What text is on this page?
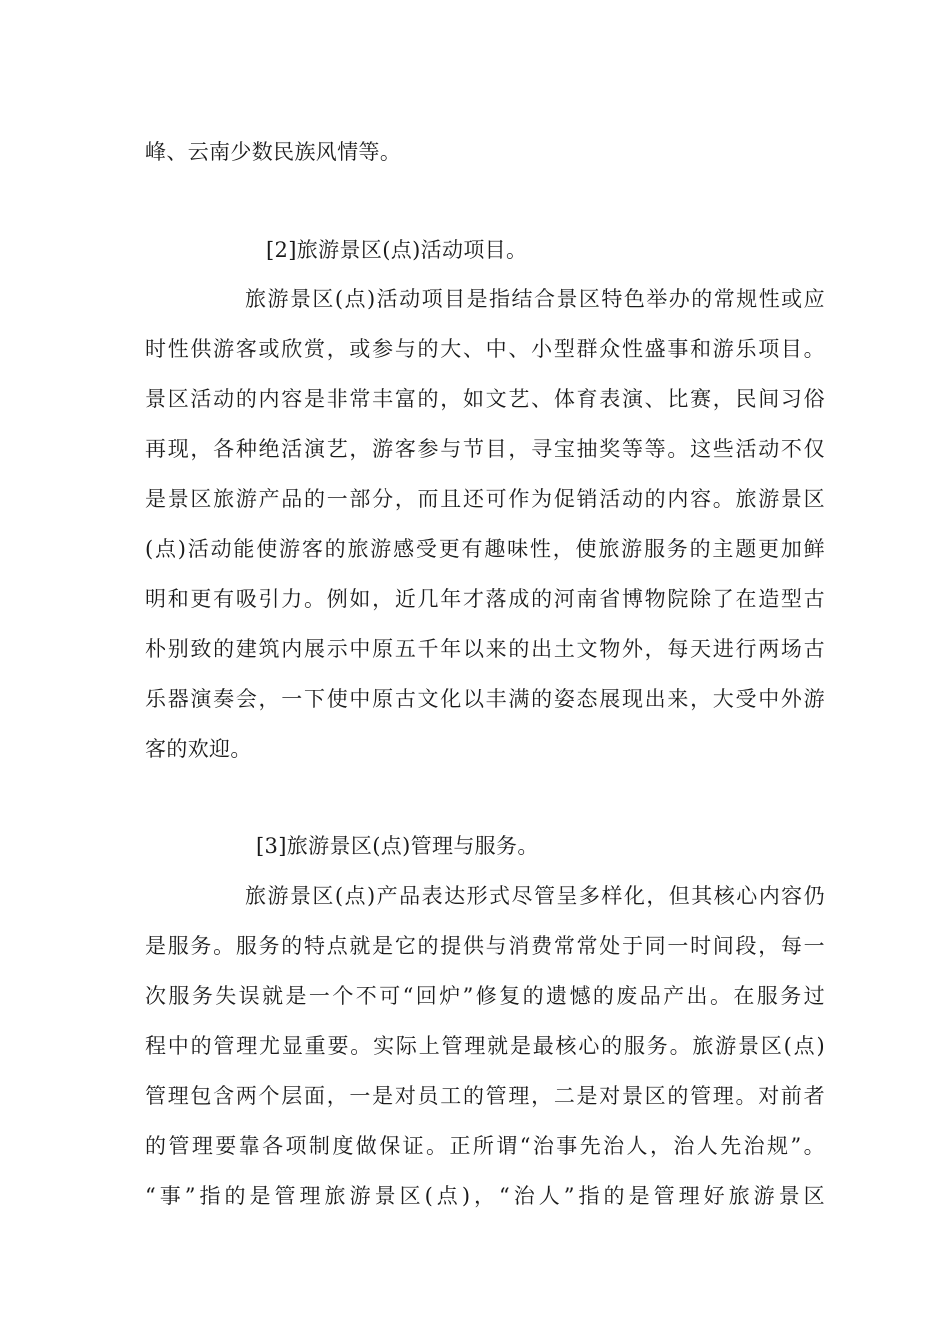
峰、云南少数民族风情等。
[2]旅游景区(点)活动项目。
旅游景区(点)活动项目是指结合景区特色举办的常规性或应
时性供游客或欣赏，或参与的大、中、小型群众性盛事和游乐项目。
景区活动的内容是非常丰富的，如文艺、体育表演、比赛，民间习俗
再现，各种绝活演艺，游客参与节目，寻宝抽奖等等。这些活动不仅
是景区旅游产品的一部分，而且还可作为促销活动的内容。旅游景区
(点)活动能使游客的旅游感受更有趣味性，使旅游服务的主题更加鲜
明和更有吸引力。例如，近几年才落成的河南省博物院除了在造型古
朴别致的建筑内展示中原五千年以来的出土文物外，每天进行两场古
乐器演奏会，一下使中原古文化以丰满的姿态展现出来，大受中外游
客的欢迎。
[3]旅游景区(点)管理与服务。
旅游景区(点)产品表达形式尽管呈多样化，但其核心内容仍
是服务。服务的特点就是它的提供与消费常常处于同一时间段，每一
次服务失误就是一个不可“回炉”修复的遗憾的废品产出。在服务过
程中的管理尤显重要。实际上管理就是最核心的服务。旅游景区(点)
管理包含两个层面，一是对员工的管理，二是对景区的管理。对前者
的管理要靠各项制度做保证。正所谓“治事先治人，治人先治规”。
“事”指的是管理旅游景区(点)，“治人”指的是管理好旅游景区
